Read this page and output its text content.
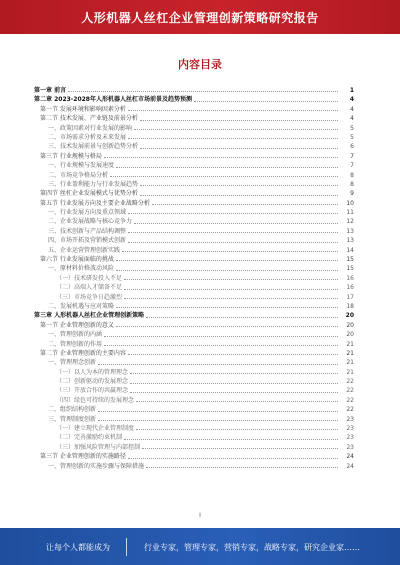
人形机器人丝杠企业管理创新策略研究报告
内容目录
第一章 前言	1
第二章 2023-2028年人形机器人丝杠市场前景及趋势预测	4
第一节 发展环境和影响因素分析	4
第二节 技术发展、产业链及前景分析	4
一、政策因素对行业发展的影响	5
二、市场需求分析及未来发展	5
三、技术发展前景与创新趋势分析	6
第三节 行业规模与格局	7
一、行业规模与发展速度	7
二、市场竞争格局分析	8
三、行业盈利能力与行业发展趋势	8
第四节 丝杠企业发展模式与优势分析	9
第五节 行业发展方向及主要企业战略分析	10
一、行业发展方向及重点领域	11
二、企业发展战略与核心竞争力	12
三、技术创新与产品结构调整	13
四、市场开拓及营销模式创新	13
五、企业运营管理创新实践	14
第六节 行业发展面临的挑战	15
一、原材料价格波动风险	15
（一）技术研发投入不足	16
（二）高端人才储备不足	16
（三）市场竞争日趋激烈	17
二、发展机遇与应对策略	18
第三章 人形机器人丝杠企业管理创新策略	20
第一节 企业管理创新的意义	20
一、管理创新的内涵	20
二、管理创新的作用	21
第二节 企业管理创新的主要内容	21
一、管理理念创新	21
（一）以人为本的管理理念	21
（二）创新驱动的发展理念	22
（三）开放合作的共赢理念	22
（四）绿色可持续的发展理念	22
二、组织结构创新	22
三、管理制度创新	23
（一）建立现代企业管理制度	23
（二）完善激励约束机制	23
（三）加强风险管理与内部控制	23
第三节 企业管理创新的实施路径	24
一、管理创新的实施步骤与保障措施	24
I
让每个人都能成为	行业专家，管理专家，营销专家，战略专家，研究企业家……
